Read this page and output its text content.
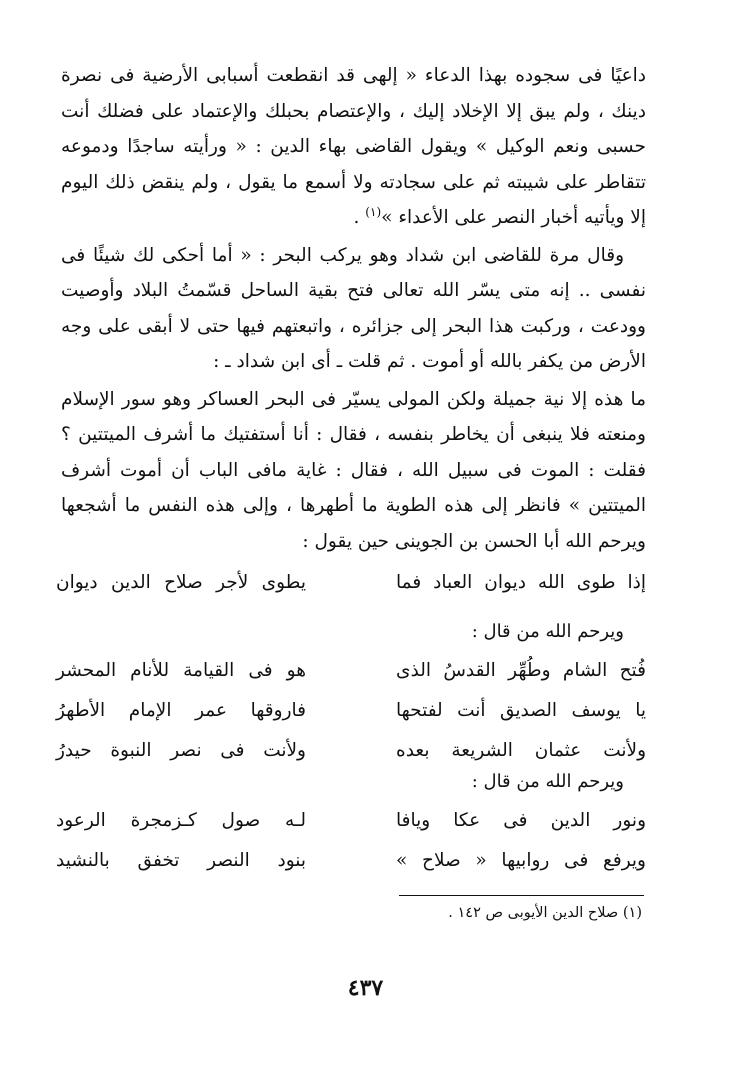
داعيًا فى سجوده بهذا الدعاء « إلهى قد انقطعت أسبابى الأرضية فى نصرة دينك ، ولم يبق إلا الإخلاد إليك ، والإعتصام بحبلك والإعتماد على فضلك أنت حسبى ونعم الوكيل » ويقول القاضى بهاء الدين : « ورأيته ساجدًا ودموعه تتقاطر على شيبته ثم على سجادته ولا أسمع ما يقول ، ولم ينقض ذلك اليوم إلا ويأتيه أخبار النصر على الأعداء »$^{(١)}$ .

وقال مرة للقاضى ابن شداد وهو يركب البحر : « أما أحكى لك شيئًا فى نفسى .. إنه متى يسّر الله تعالى فتح بقية الساحل قسّمتُ البلاد وأوصيت وودعت ، وركبت هذا البحر إلى جزائره ، واتبعتهم فيها حتى لا أبقى على وجه الأرض من يكفر بالله أو أموت . ثم قلت ـ أى ابن شداد ـ :

ما هذه إلا نية جميلة ولكن المولى يسيّر فى البحر العساكر وهو سور الإسلام ومنعته فلا ينبغى أن يخاطر بنفسه ، فقال : أنا أستفتيك ما أشرف الميتتين ؟ فقلت : الموت فى سبيل الله ، فقال : غاية مافى الباب أن أموت أشرف الميتتين » فانظر إلى هذه الطوية ما أطهرها ، وإلى هذه النفس ما أشجعها ويرحم الله أبا الحسن بن الجوينى حين يقول :

إذا طوى الله ديوان العباد فما
يطوى لأجر صلاح الدين ديوان
ويرحم الله من قال :
فُتح الشام وطُهِّر القدسُ الذى
هو فى القيامة للأنام المحشر
يا يوسف الصديق أنت لفتحها
فاروقها عمر الإمام الأطهرُ
ولأنت عثمان الشريعة بعده
ولأنت فى نصر النبوة حيدرُ
ويرحم الله من قال :
ونور الدين فى عكا ويافا
لـه صول كـزمجرة الرعود
ويرفع فى روابيها « صلاح »
بنود النصر تخفق بالنشيد
(١) صلاح الدين الأيوبى ص ١٤٢ .
٤٣٧
